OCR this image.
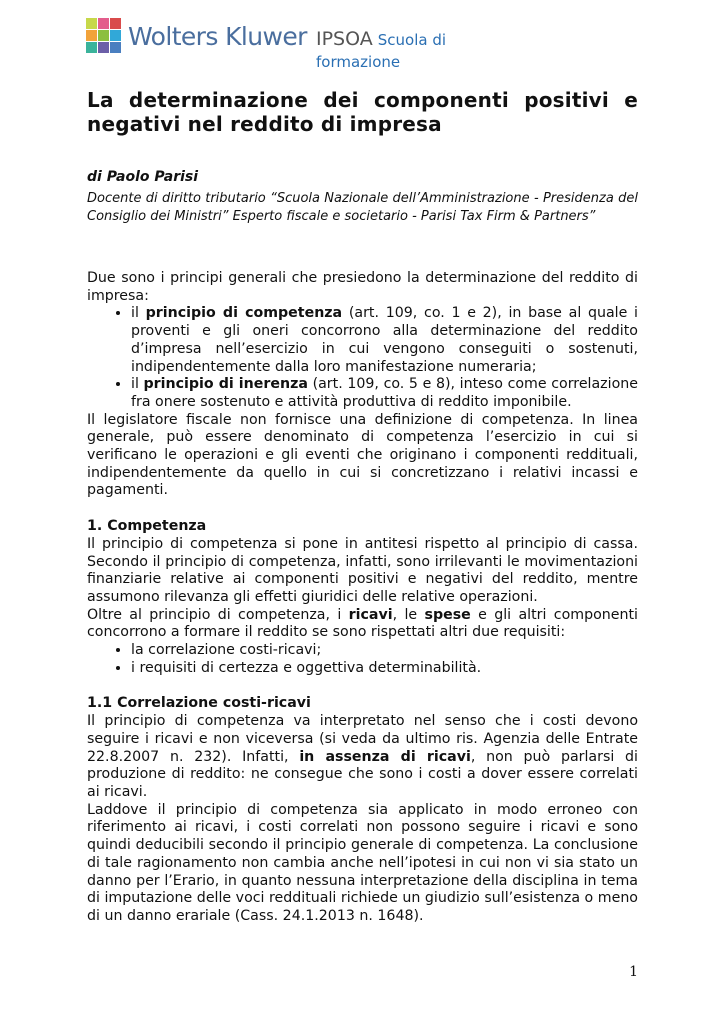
Wolters Kluwer IPSOA Scuola di formazione
La determinazione dei componenti positivi e negativi nel reddito di impresa
di Paolo Parisi
Docente di diritto tributario “Scuola Nazionale dell’Amministrazione - Presidenza del Consiglio dei Ministri” Esperto fiscale e societario - Parisi Tax Firm & Partners”

Due sono i principi generali che presiedono la determinazione del reddito di impresa:

• il principio di competenza (art. 109, co. 1 e 2), in base al quale i proventi e gli oneri concorrono alla determinazione del reddito d’impresa nell’esercizio in cui vengono conseguiti o sostenuti, indipendentemente dalla loro manifestazione numeraria;
• il principio di inerenza (art. 109, co. 5 e 8), inteso come correlazione fra onere sostenuto e attività produttiva di reddito imponibile.

Il legislatore fiscale non fornisce una definizione di competenza. In linea generale, può essere denominato di competenza l’esercizio in cui si verificano le operazioni e gli eventi che originano i componenti reddituali, indipendentemente da quello in cui si concretizzano i relativi incassi e pagamenti.

1. Competenza

Il principio di competenza si pone in antitesi rispetto al principio di cassa. Secondo il principio di competenza, infatti, sono irrilevanti le movimentazioni finanziarie relative ai componenti positivi e negativi del reddito, mentre assumono rilevanza gli effetti giuridici delle relative operazioni.

Oltre al principio di competenza, i ricavi, le spese e gli altri componenti concorrono a formare il reddito se sono rispettati altri due requisiti:

• la correlazione costi-ricavi;
• i requisiti di certezza e oggettiva determinabilità.
1.1 Correlazione costi-ricavi

Il principio di competenza va interpretato nel senso che i costi devono seguire i ricavi e non viceversa (si veda da ultimo ris. Agenzia delle Entrate 22.8.2007 n. 232). Infatti, in assenza di ricavi, non può parlarsi di produzione di reddito: ne consegue che sono i costi a dover essere correlati ai ricavi.

Laddove il principio di competenza sia applicato in modo erroneo con riferimento ai ricavi, i costi correlati non possono seguire i ricavi e sono quindi deducibili secondo il principio generale di competenza. La conclusione di tale ragionamento non cambia anche nell’ipotesi in cui non vi sia stato un danno per l’Erario, in quanto nessuna interpretazione della disciplina in tema di imputazione delle voci reddituali richiede un giudizio sull’esistenza o meno di un danno erariale (Cass. 24.1.2013 n. 1648).

1
